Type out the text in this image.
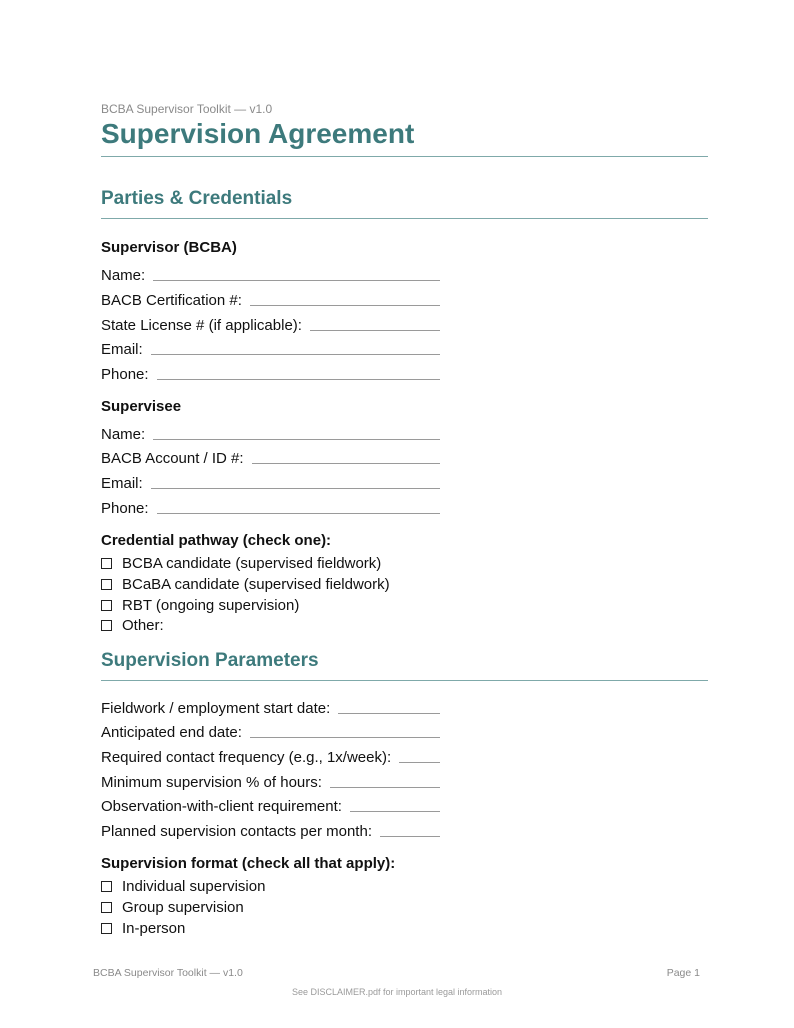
BCBA Supervisor Toolkit — v1.0
Supervision Agreement
Parties & Credentials
Supervisor (BCBA)
Name:
BACB Certification #:
State License # (if applicable):
Email:
Phone:
Supervisee
Name:
BACB Account / ID #:
Email:
Phone:
Credential pathway (check one):
BCBA candidate (supervised fieldwork)
BCaBA candidate (supervised fieldwork)
RBT (ongoing supervision)
Other:
Supervision Parameters
Fieldwork / employment start date:
Anticipated end date:
Required contact frequency (e.g., 1x/week):
Minimum supervision % of hours:
Observation-with-client requirement:
Planned supervision contacts per month:
Supervision format (check all that apply):
Individual supervision
Group supervision
In-person
BCBA Supervisor Toolkit — v1.0	Page 1
See DISCLAIMER.pdf for important legal information
